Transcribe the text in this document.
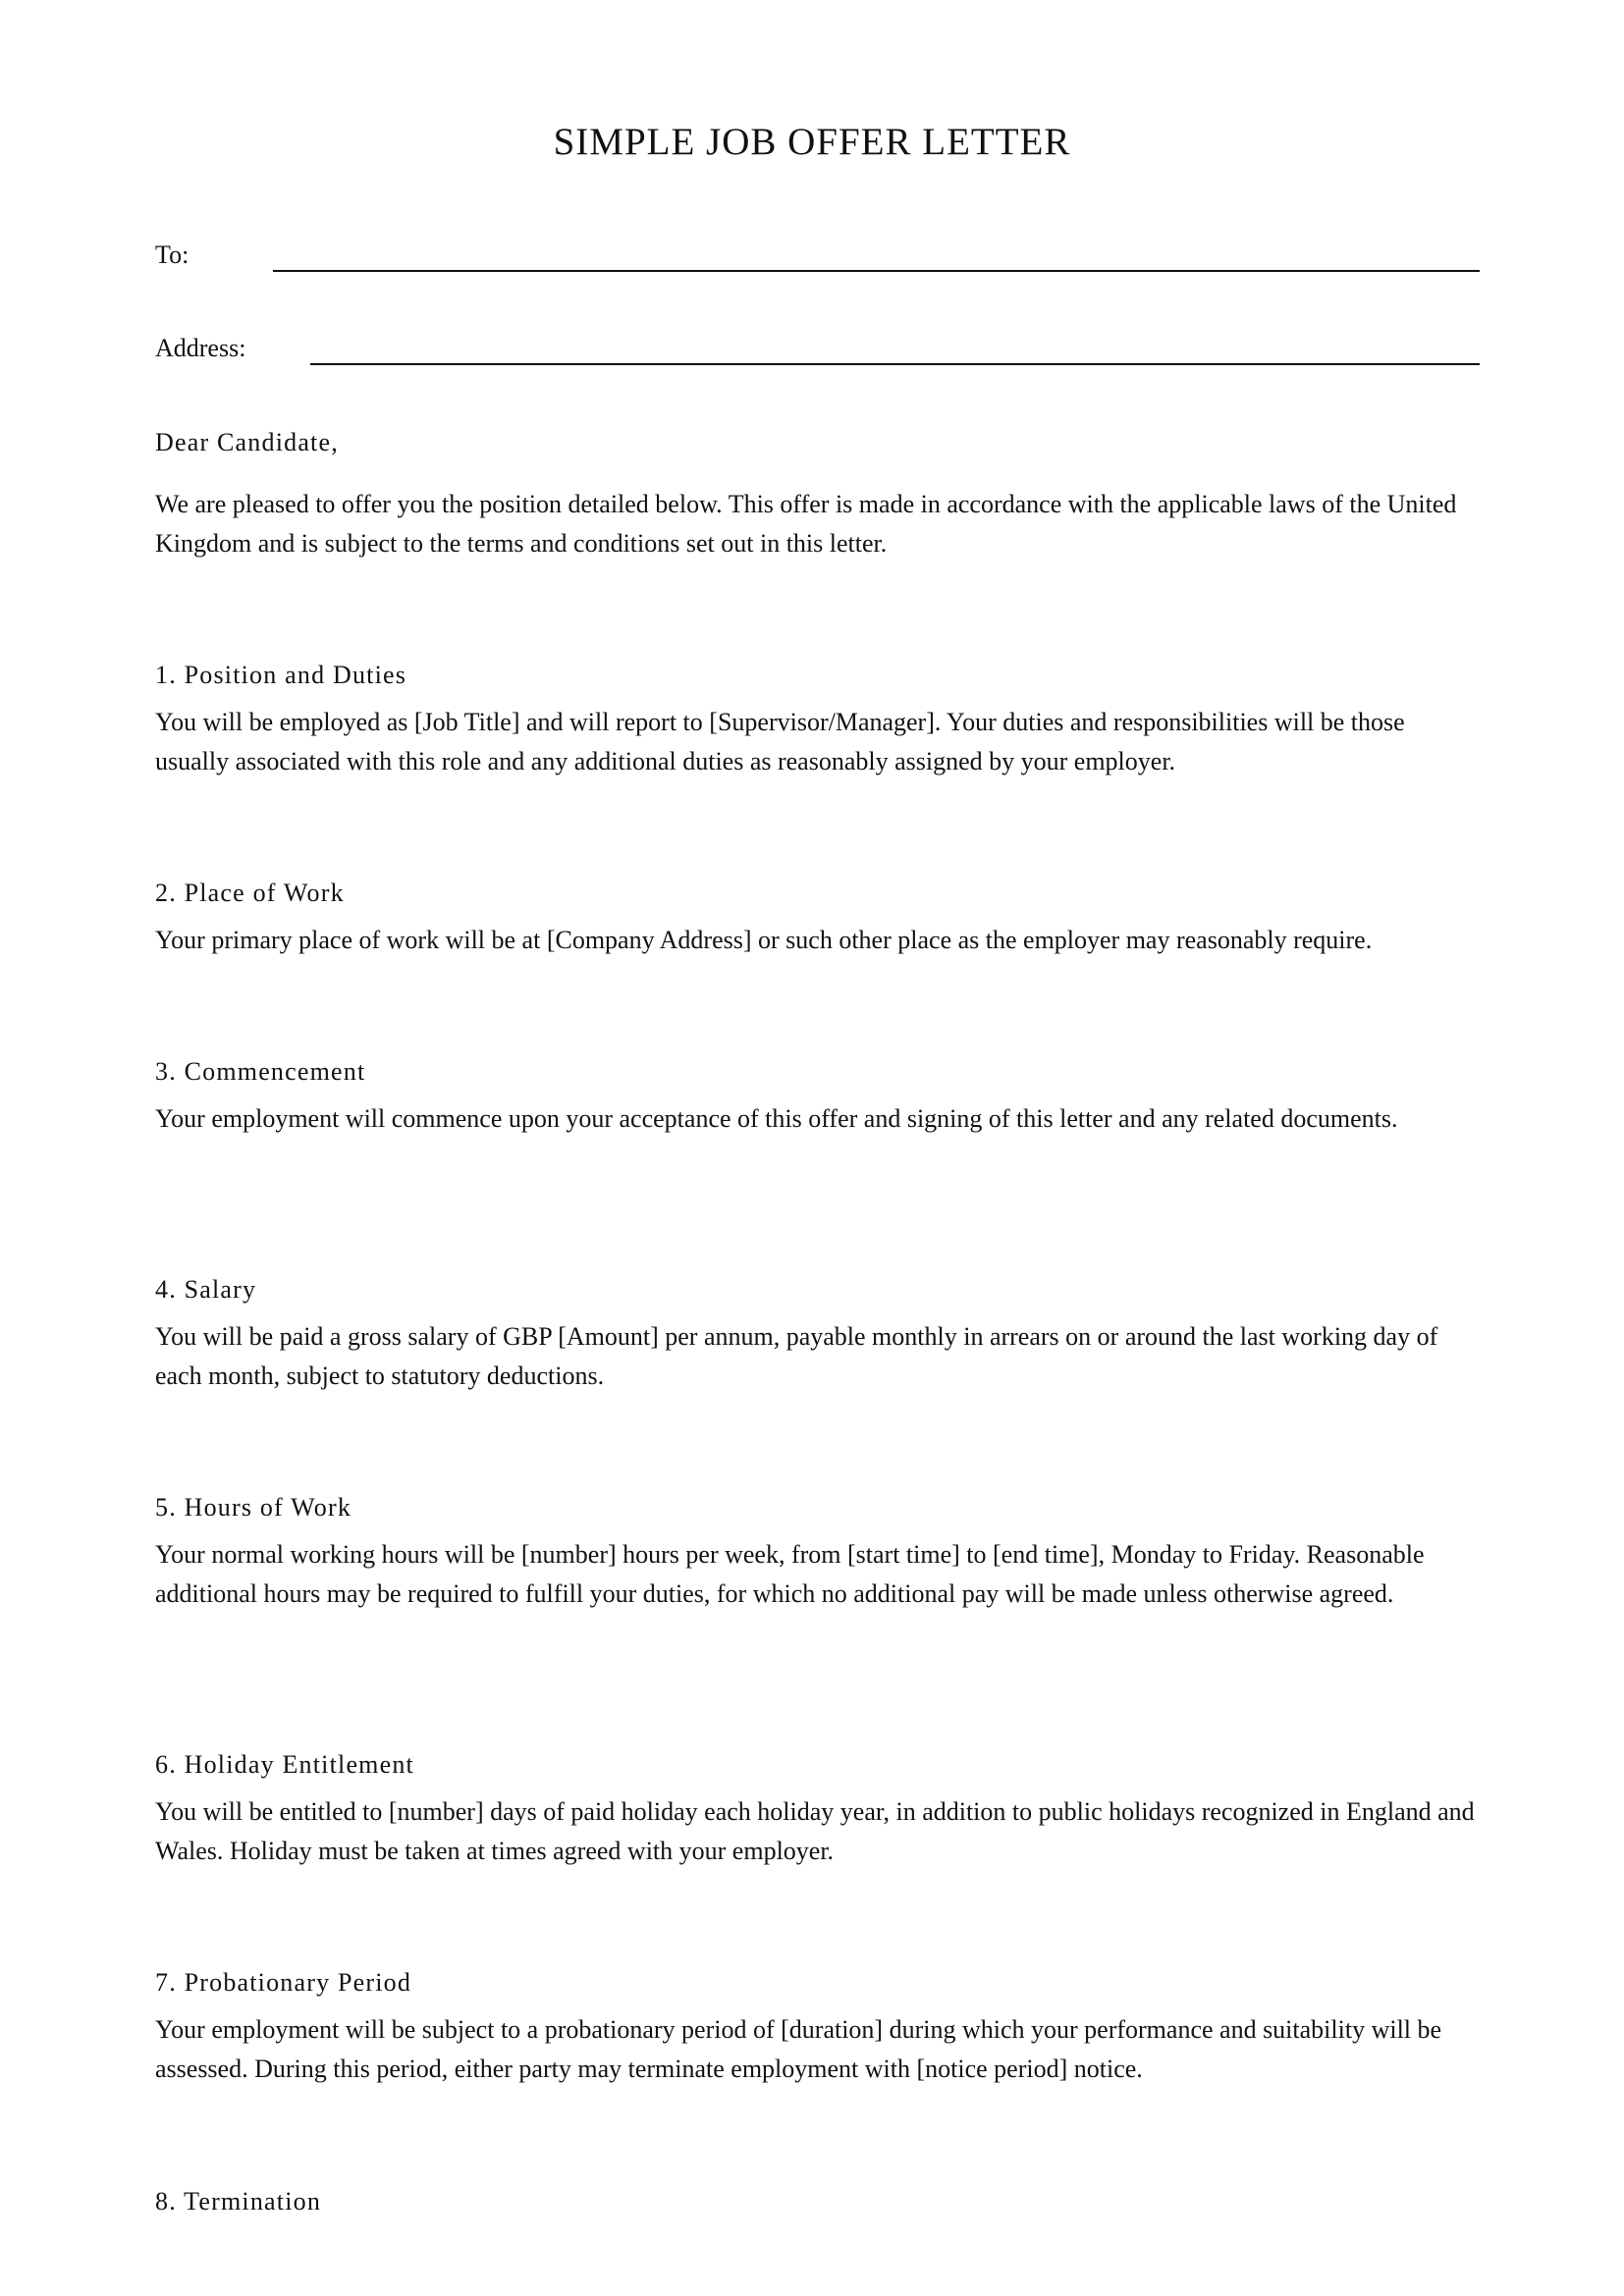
SIMPLE JOB OFFER LETTER
To:
Address:
Dear Candidate,

We are pleased to offer you the position detailed below. This offer is made in accordance with the applicable laws of the United Kingdom and is subject to the terms and conditions set out in this letter.

1. Position and Duties

You will be employed as [Job Title] and will report to [Supervisor/Manager]. Your duties and responsibilities will be those usually associated with this role and any additional duties as reasonably assigned by your employer.

2. Place of Work

Your primary place of work will be at [Company Address] or such other place as the employer may reasonably require.

3. Commencement

Your employment will commence upon your acceptance of this offer and signing of this letter and any related documents.

4. Salary

You will be paid a gross salary of GBP [Amount] per annum, payable monthly in arrears on or around the last working day of each month, subject to statutory deductions.

5. Hours of Work

Your normal working hours will be [number] hours per week, from [start time] to [end time], Monday to Friday. Reasonable additional hours may be required to fulfill your duties, for which no additional pay will be made unless otherwise agreed.

6. Holiday Entitlement

You will be entitled to [number] days of paid holiday each holiday year, in addition to public holidays recognized in England and Wales. Holiday must be taken at times agreed with your employer.

7. Probationary Period

Your employment will be subject to a probationary period of [duration] during which your performance and suitability will be assessed. During this period, either party may terminate employment with [notice period] notice.

8. Termination
